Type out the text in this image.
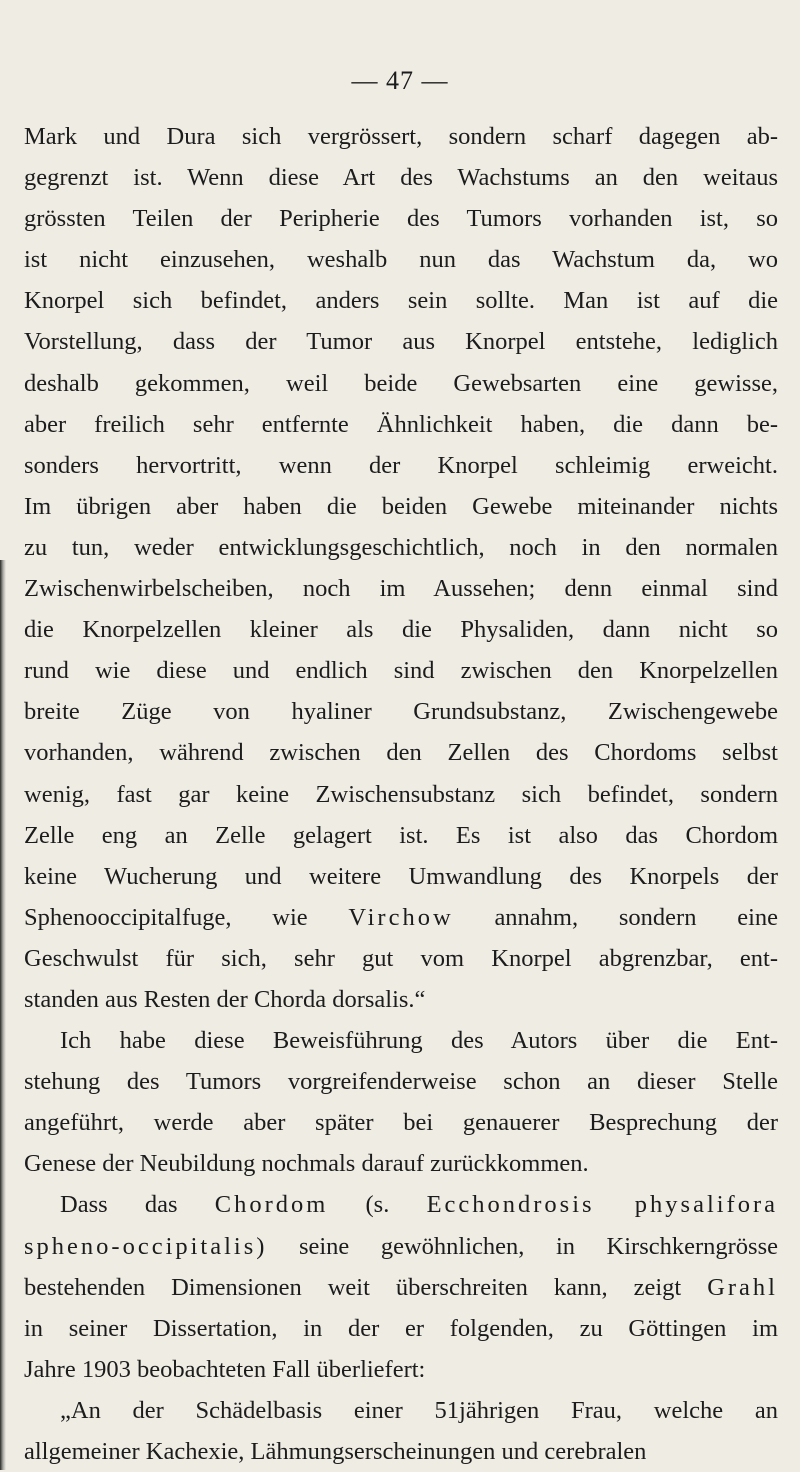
— 47 —
Mark und Dura sich vergrössert, sondern scharf dagegen ab-
gegrenzt ist. Wenn diese Art des Wachstums an den weitaus
grössten Teilen der Peripherie des Tumors vorhanden ist, so
ist nicht einzusehen, weshalb nun das Wachstum da, wo
Knorpel sich befindet, anders sein sollte. Man ist auf die
Vorstellung, dass der Tumor aus Knorpel entstehe, lediglich
deshalb gekommen, weil beide Gewebsarten eine gewisse,
aber freilich sehr entfernte Ähnlichkeit haben, die dann be-
sonders hervortritt, wenn der Knorpel schleimig erweicht.
Im übrigen aber haben die beiden Gewebe miteinander nichts
zu tun, weder entwicklungsgeschichtlich, noch in den normalen
Zwischenwirbelscheiben, noch im Aussehen; denn einmal sind
die Knorpelzellen kleiner als die Physaliden, dann nicht so
rund wie diese und endlich sind zwischen den Knorpelzellen
breite Züge von hyaliner Grundsubstanz, Zwischengewebe
vorhanden, während zwischen den Zellen des Chordoms selbst
wenig, fast gar keine Zwischensubstanz sich befindet, sondern
Zelle eng an Zelle gelagert ist. Es ist also das Chordom
keine Wucherung und weitere Umwandlung des Knorpels der
Sphenooccipitalfuge, wie Virchow annahm, sondern eine
Geschwulst für sich, sehr gut vom Knorpel abgrenzbar, ent-
standen aus Resten der Chorda dorsalis.“
Ich habe diese Beweisführung des Autors über die Ent-
stehung des Tumors vorgreifenderweise schon an dieser Stelle
angeführt, werde aber später bei genauerer Besprechung der
Genese der Neubildung nochmals darauf zurückkommen.
Dass das Chordom (s. Ecchondrosis physalifora
spheno-occipitalis) seine gewöhnlichen, in Kirschkerngrösse
bestehenden Dimensionen weit überschreiten kann, zeigt Grahl
in seiner Dissertation, in der er folgenden, zu Göttingen im
Jahre 1903 beobachteten Fall überliefert:
„An der Schädelbasis einer 51jährigen Frau, welche an
allgemeiner Kachexie, Lähmungserscheinungen und cerebralen
